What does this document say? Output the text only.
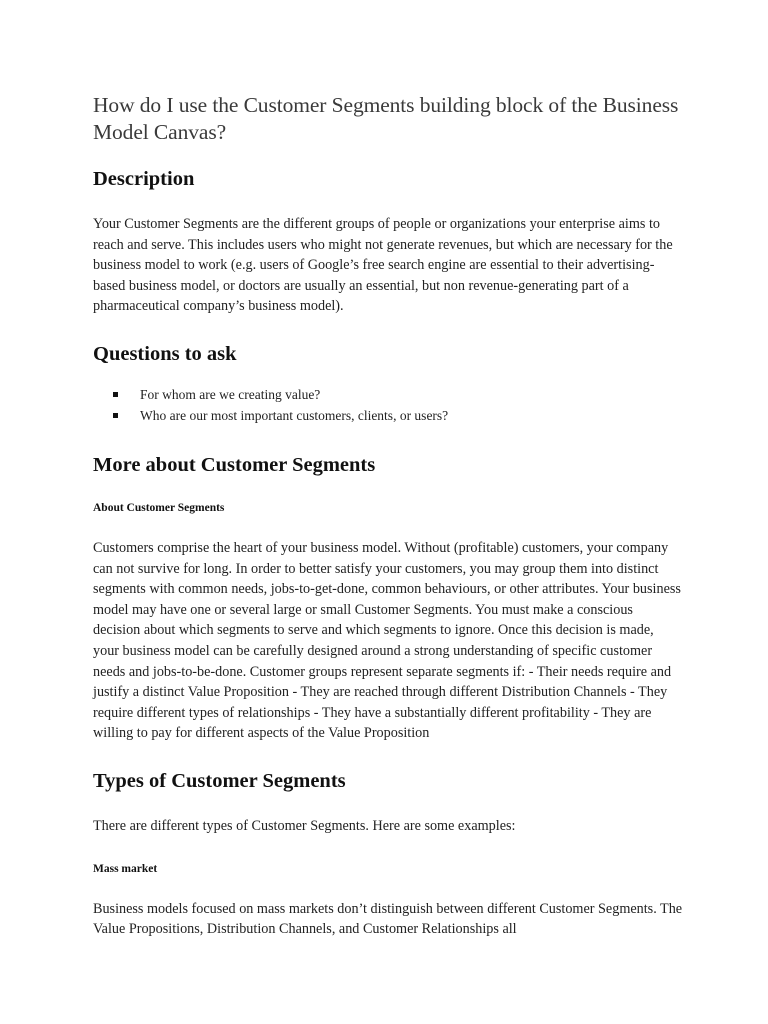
How do I use the Customer Segments building block of the Business Model Canvas?
Description

Your Customer Segments are the different groups of people or organizations your enterprise aims to reach and serve. This includes users who might not generate revenues, but which are necessary for the business model to work (e.g. users of Google’s free search engine are essential to their advertising-based business model, or doctors are usually an essential, but non revenue-generating part of a pharmaceutical company’s business model).

Questions to ask
For whom are we creating value?
Who are our most important customers, clients, or users?
More about Customer Segments
About Customer Segments

Customers comprise the heart of your business model. Without (profitable) customers, your company can not survive for long. In order to better satisfy your customers, you may group them into distinct segments with common needs, jobs-to-get-done, common behaviours, or other attributes. Your business model may have one or several large or small Customer Segments. You must make a conscious decision about which segments to serve and which segments to ignore. Once this decision is made, your business model can be carefully designed around a strong understanding of specific customer needs and jobs-to-be-done. Customer groups represent separate segments if: - Their needs require and justify a distinct Value Proposition - They are reached through different Distribution Channels - They require different types of relationships - They have a substantially different profitability - They are willing to pay for different aspects of the Value Proposition

Types of Customer Segments

There are different types of Customer Segments. Here are some examples:

Mass market

Business models focused on mass markets don’t distinguish between different Customer Segments. The Value Propositions, Distribution Channels, and Customer Relationships all
